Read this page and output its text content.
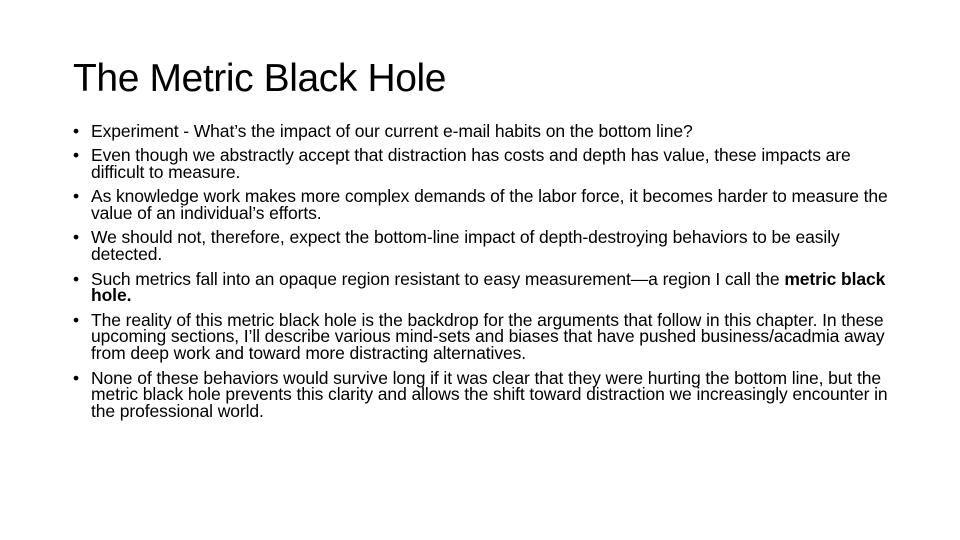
The Metric Black Hole
• Experiment - What’s the impact of our current e-mail habits on the bottom line?
• Even though we abstractly accept that distraction has costs and depth has value, these impacts are difficult to measure.
• As knowledge work makes more complex demands of the labor force, it becomes harder to measure the value of an individual’s efforts.
• We should not, therefore, expect the bottom-line impact of depth-destroying behaviors to be easily detected.
• Such metrics fall into an opaque region resistant to easy measurement—a region I call the metric black hole.
• The reality of this metric black hole is the backdrop for the arguments that follow in this chapter. In these upcoming sections, I’ll describe various mind-sets and biases that have pushed business/acadmia away from deep work and toward more distracting alternatives.
• None of these behaviors would survive long if it was clear that they were hurting the bottom line, but the metric black hole prevents this clarity and allows the shift toward distraction we increasingly encounter in the professional world.
